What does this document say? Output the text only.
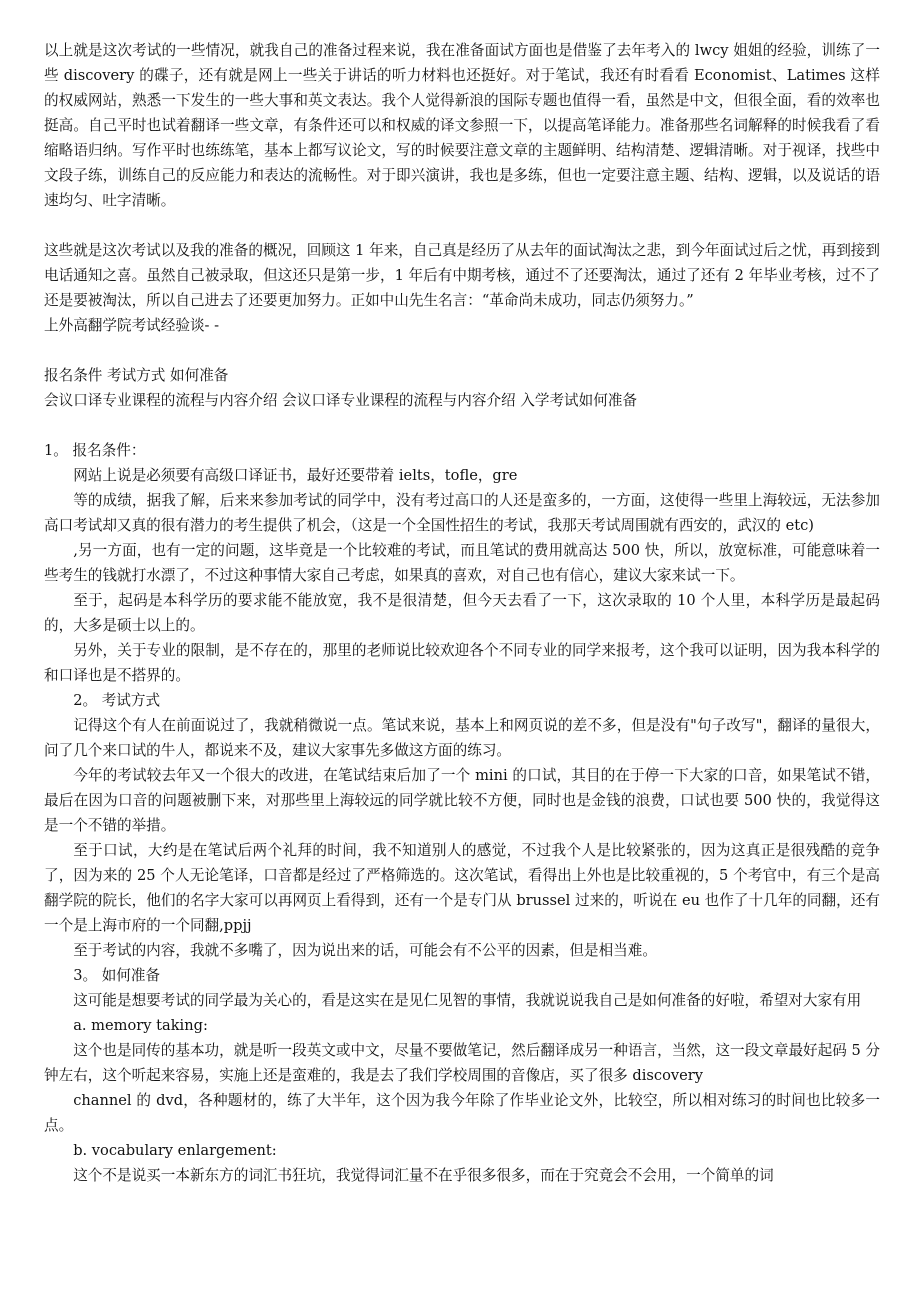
以上就是这次考试的一些情况，就我自己的准备过程来说，我在准备面试方面也是借鉴了去年考入的 lwcy 姐姐的经验，训练了一些 discovery 的碟子，还有就是网上一些关于讲话的听力材料也还挺好。对于笔试，我还有时看看 Economist、Latimes 这样的权威网站，熟悉一下发生的一些大事和英文表达。我个人觉得新浪的国际专题也值得一看，虽然是中文，但很全面，看的效率也挺高。自己平时也试着翻译一些文章，有条件还可以和权威的译文参照一下，以提高笔译能力。准备那些名词解释的时候我看了看缩略语归纳。写作平时也练练笔，基本上都写议论文，写的时候要注意文章的主题鲜明、结构清楚、逻辑清晰。对于视译，找些中文段子练，训练自己的反应能力和表达的流畅性。对于即兴演讲，我也是多练，但也一定要注意主题、结构、逻辑，以及说话的语速均匀、吐字清晰。

这些就是这次考试以及我的准备的概况，回顾这 1 年来，自己真是经历了从去年的面试淘汰之悲，到今年面试过后之忧，再到接到电话通知之喜。虽然自己被录取，但这还只是第一步，1 年后有中期考核，通过不了还要淘汰，通过了还有 2 年毕业考核，过不了还是要被淘汰，所以自己进去了还要更加努力。正如中山先生名言：“革命尚未成功，同志仍须努力。”

上外高翻学院考试经验谈- -

报名条件 考试方式 如何准备

会议口译专业课程的流程与内容介绍 会议口译专业课程的流程与内容介绍 入学考试如何准备

1。 报名条件：

网站上说是必须要有高级口译证书，最好还要带着 ielts，tofle，gre

等的成绩，据我了解，后来来参加考试的同学中，没有考过高口的人还是蛮多的，一方面，这使得一些里上海较远，无法参加高口考试却又真的很有潜力的考生提供了机会，（这是一个全国性招生的考试，我那天考试周围就有西安的，武汉的 etc)

,另一方面，也有一定的问题，这毕竟是一个比较难的考试，而且笔试的费用就高达 500 快，所以，放宽标准，可能意味着一些考生的钱就打水漂了，不过这种事情大家自己考虑，如果真的喜欢，对自己也有信心，建议大家来试一下。

至于，起码是本科学历的要求能不能放宽，我不是很清楚，但今天去看了一下，这次录取的 10 个人里，本科学历是最起码的，大多是硕士以上的。

另外，关于专业的限制，是不存在的，那里的老师说比较欢迎各个不同专业的同学来报考，这个我可以证明，因为我本科学的和口译也是不搭界的。

2。 考试方式

记得这个有人在前面说过了，我就稍微说一点。笔试来说，基本上和网页说的差不多，但是没有"句子改写"，翻译的量很大，问了几个来口试的牛人，都说来不及，建议大家事先多做这方面的练习。

今年的考试较去年又一个很大的改进，在笔试结束后加了一个 mini 的口试，其目的在于停一下大家的口音，如果笔试不错，最后在因为口音的问题被删下来，对那些里上海较远的同学就比较不方便，同时也是金钱的浪费，口试也要 500 快的，我觉得这是一个不错的举措。

至于口试，大约是在笔试后两个礼拜的时间，我不知道别人的感觉，不过我个人是比较紧张的，因为这真正是很残酷的竞争了，因为来的 25 个人无论笔译，口音都是经过了严格筛选的。这次笔试，看得出上外也是比较重视的，5 个考官中，有三个是高翻学院的院长，他们的名字大家可以再网页上看得到，还有一个是专门从 brussel 过来的，听说在 eu 也作了十几年的同翻，还有一个是上海市府的一个同翻,ppjj

至于考试的内容，我就不多嘴了，因为说出来的话，可能会有不公平的因素，但是相当难。

3。 如何准备

这可能是想要考试的同学最为关心的，看是这实在是见仁见智的事情，我就说说我自己是如何准备的好啦，希望对大家有用

a. memory taking:

这个也是同传的基本功，就是听一段英文或中文，尽量不要做笔记，然后翻译成另一种语言，当然，这一段文章最好起码 5 分钟左右，这个听起来容易，实施上还是蛮难的，我是去了我们学校周围的音像店，买了很多 discovery

channel 的 dvd，各种题材的，练了大半年，这个因为我今年除了作毕业论文外，比较空，所以相对练习的时间也比较多一点。

b. vocabulary enlargement:

这个不是说买一本新东方的词汇书狂坑，我觉得词汇量不在乎很多很多，而在于究竟会不会用，一个简单的词
